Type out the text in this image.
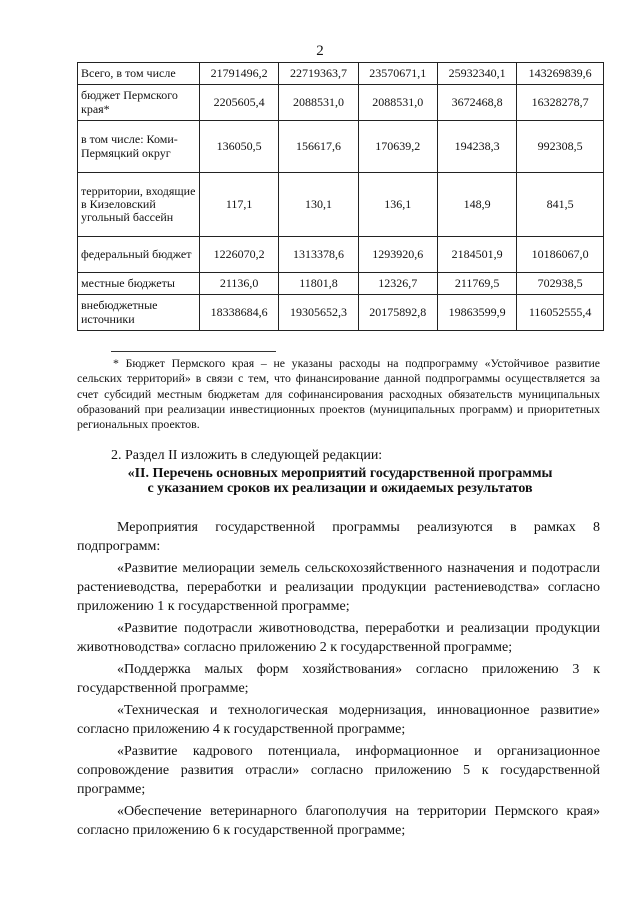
2
Всего, в том числе	21791496,2	22719363,7	23570671,1	25932340,1	143269839,6
бюджет Пермского края*	2205605,4	2088531,0	2088531,0	3672468,8	16328278,7
в том числе: Коми-Пермяцкий округ	136050,5	156617,6	170639,2	194238,3	992308,5
территории, входящие в Кизеловский угольный бассейн	117,1	130,1	136,1	148,9	841,5
федеральный бюджет	1226070,2	1313378,6	1293920,6	2184501,9	10186067,0
местные бюджеты	21136,0	11801,8	12326,7	211769,5	702938,5
внебюджетные источники	18338684,6	19305652,3	20175892,8	19863599,9	116052555,4

* Бюджет Пермского края – не указаны расходы на подпрограмму «Устойчивое развитие сельских территорий» в связи с тем, что финансирование данной подпрограммы осуществляется за счет субсидий местным бюджетам для софинансирования расходных обязательств муниципальных образований при реализации инвестиционных проектов (муниципальных программ) и приоритетных региональных проектов.

2. Раздел II изложить в следующей редакции:
«II. Перечень основных мероприятий государственной программы
с указанием сроков их реализации и ожидаемых результатов

Мероприятия государственной программы реализуются в рамках 8 подпрограмм:

«Развитие мелиорации земель сельскохозяйственного назначения и подотрасли растениеводства, переработки и реализации продукции растениеводства» согласно приложению 1 к государственной программе;

«Развитие подотрасли животноводства, переработки и реализации продукции животноводства» согласно приложению 2 к государственной программе;

«Поддержка малых форм хозяйствования» согласно приложению 3 к государственной программе;

«Техническая и технологическая модернизация, инновационное развитие» согласно приложению 4 к государственной программе;

«Развитие кадрового потенциала, информационное и организационное сопровождение развития отрасли» согласно приложению 5 к государственной программе;

«Обеспечение ветеринарного благополучия на территории Пермского края» согласно приложению 6 к государственной программе;
